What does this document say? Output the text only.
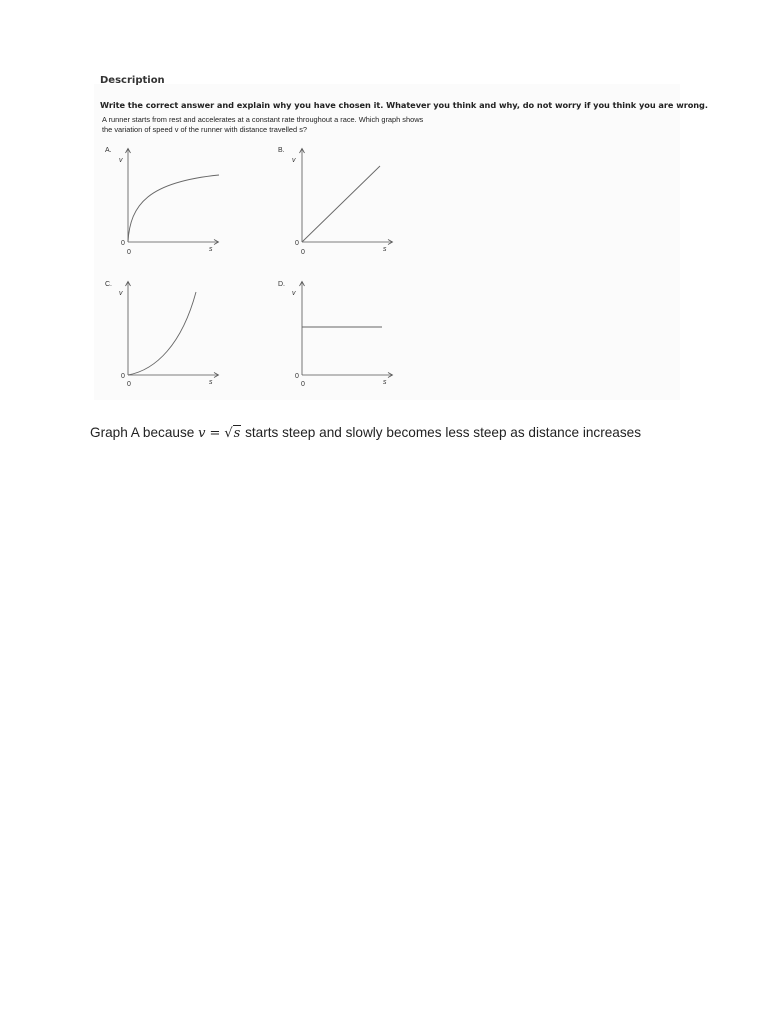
Description
Write the correct answer and explain why you have chosen it. Whatever you think and why, do not worry if you think you are wrong.
A runner starts from rest and accelerates at a constant rate throughout a race. Which graph shows
the variation of speed v of the runner with distance travelled s?
A.
v
0
0	s
B.
v
0
0	s
C.
v
0
0	s
D.
v
0
0	s
Graph A because v = √s starts steep and slowly becomes less steep as distance increases
